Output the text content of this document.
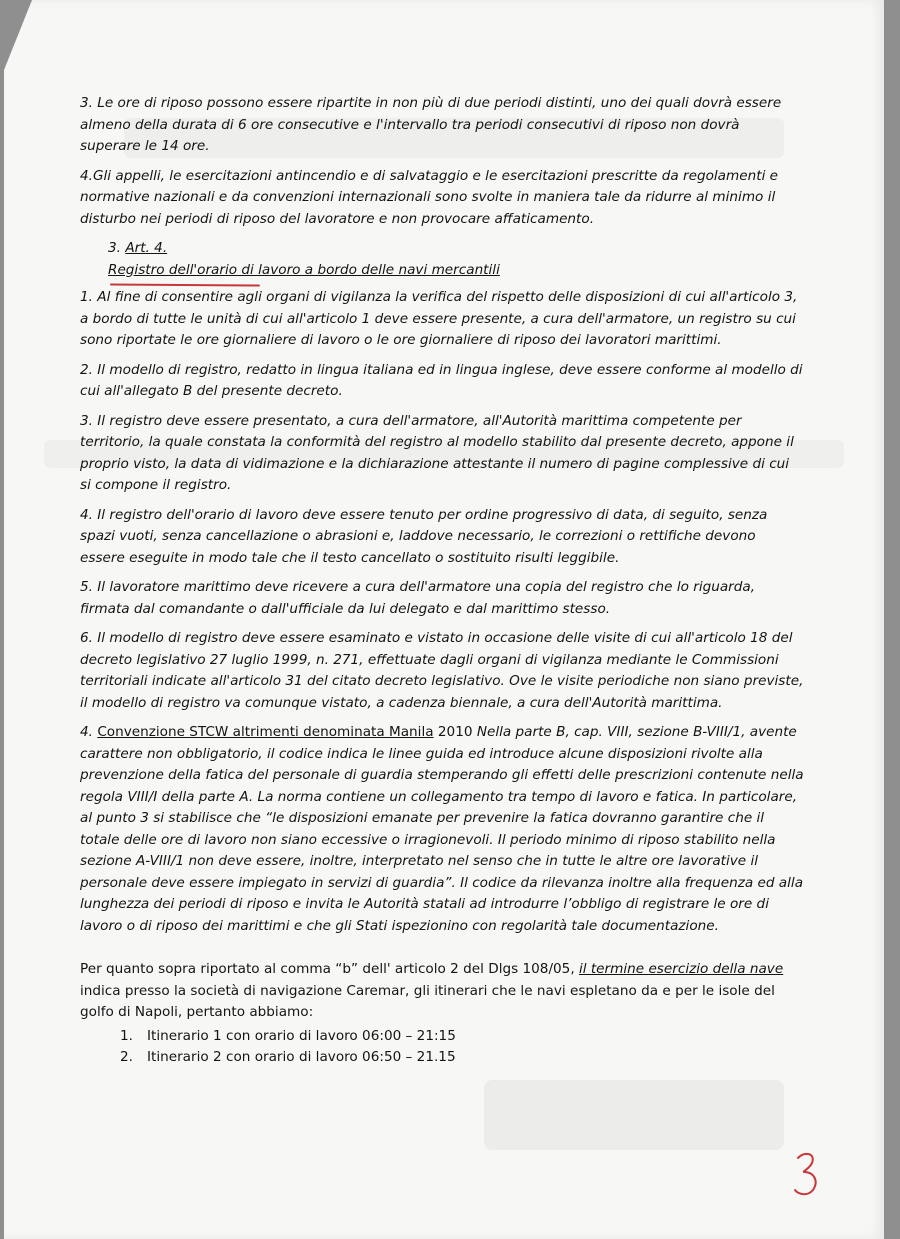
3. Le ore di riposo possono essere ripartite in non più di due periodi distinti, uno dei quali dovrà essere almeno della durata di 6 ore consecutive e l'intervallo tra periodi consecutivi di riposo non dovrà superare le 14 ore.

4.Gli appelli, le esercitazioni antincendio e di salvataggio e le esercitazioni prescritte da regolamenti e normative nazionali e da convenzioni internazionali sono svolte in maniera tale da ridurre al minimo il disturbo nei periodi di riposo del lavoratore e non provocare affaticamento.

3. Art. 4.
Registro dell'orario di lavoro a bordo delle navi mercantili

1. Al fine di consentire agli organi di vigilanza la verifica del rispetto delle disposizioni di cui all'articolo 3, a bordo di tutte le unità di cui all'articolo 1 deve essere presente, a cura dell'armatore, un registro su cui sono riportate le ore giornaliere di lavoro o le ore giornaliere di riposo dei lavoratori marittimi.

2. Il modello di registro, redatto in lingua italiana ed in lingua inglese, deve essere conforme al modello di cui all'allegato B del presente decreto.

3. Il registro deve essere presentato, a cura dell'armatore, all'Autorità marittima competente per territorio, la quale constata la conformità del registro al modello stabilito dal presente decreto, appone il proprio visto, la data di vidimazione e la dichiarazione attestante il numero di pagine complessive di cui si compone il registro.

4. Il registro dell'orario di lavoro deve essere tenuto per ordine progressivo di data, di seguito, senza spazi vuoti, senza cancellazione o abrasioni e, laddove necessario, le correzioni o rettifiche devono essere eseguite in modo tale che il testo cancellato o sostituito risulti leggibile.

5. Il lavoratore marittimo deve ricevere a cura dell'armatore una copia del registro che lo riguarda, firmata dal comandante o dall'ufficiale da lui delegato e dal marittimo stesso.

6. Il modello di registro deve essere esaminato e vistato in occasione delle visite di cui all'articolo 18 del decreto legislativo 27 luglio 1999, n. 271, effettuate dagli organi di vigilanza mediante le Commissioni territoriali indicate all'articolo 31 del citato decreto legislativo. Ove le visite periodiche non siano previste, il modello di registro va comunque vistato, a cadenza biennale, a cura dell'Autorità marittima.

4. Convenzione STCW altrimenti denominata Manila 2010 Nella parte B, cap. VIII, sezione B-VIII/1, avente carattere non obbligatorio, il codice indica le linee guida ed introduce alcune disposizioni rivolte alla prevenzione della fatica del personale di guardia stemperando gli effetti delle prescrizioni contenute nella regola VIII/I della parte A. La norma contiene un collegamento tra tempo di lavoro e fatica. In particolare, al punto 3 si stabilisce che “le disposizioni emanate per prevenire la fatica dovranno garantire che il totale delle ore di lavoro non siano eccessive o irragionevoli. Il periodo minimo di riposo stabilito nella sezione A-VIII/1 non deve essere, inoltre, interpretato nel senso che in tutte le altre ore lavorative il personale deve essere impiegato in servizi di guardia”. Il codice da rilevanza inoltre alla frequenza ed alla lunghezza dei periodi di riposo e invita le Autorità statali ad introdurre l’obbligo di registrare le ore di lavoro o di riposo dei marittimi e che gli Stati ispezionino con regolarità tale documentazione.

Per quanto sopra riportato al comma “b” dell' articolo 2 del Dlgs 108/05, il termine esercizio della nave indica presso la società di navigazione Caremar, gli itinerari che le navi espletano da e per le isole del golfo di Napoli, pertanto abbiamo:

1. Itinerario 1 con orario di lavoro 06:00 – 21:15
2. Itinerario 2 con orario di lavoro 06:50 – 21.15
